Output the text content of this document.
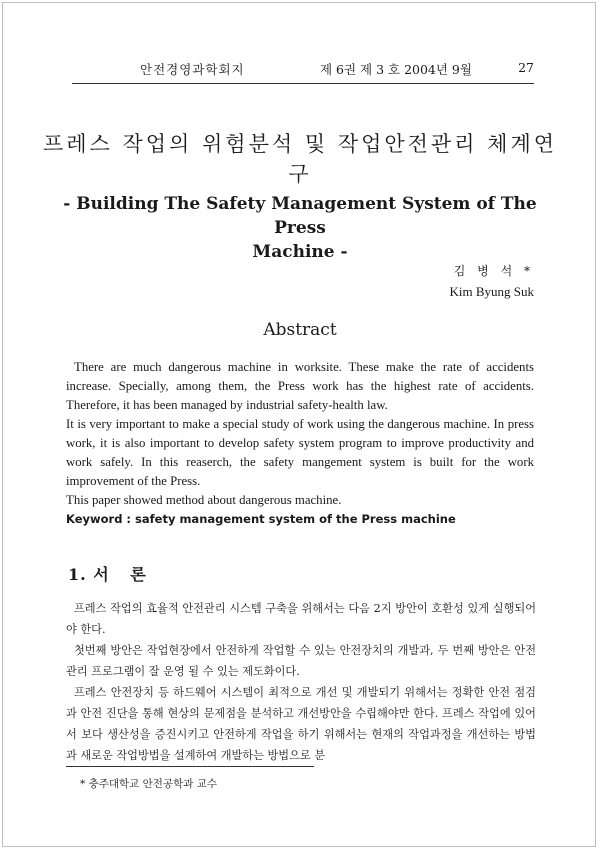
안전경영과학회지	제 6권 제 3 호 2004년 9월	27
프레스 작업의 위험분석 및 작업안전관리 체계연구
- Building The Safety Management System of The Press
Machine -
김 병 석 *
Kim Byung Suk
Abstract

There are much dangerous machine in worksite. These make the rate of accidents increase. Specially, among them, the Press work has the highest rate of accidents. Therefore, it has been managed by industrial safety-health law.

It is very important to make a special study of work using the dangerous machine. In press work, it is also important to develop safety system program to improve productivity and work safely. In this reaserch, the safety mangement system is built for the work improvement of the Press.

This paper showed method about dangerous machine.

Keyword : safety management system of the Press machine

1. 서 론

프레스 작업의 효율적 안전관리 시스템 구축을 위해서는 다음 2지 방안이 호환성 있게 실행되어야 한다.

첫번째 방안은 작업현장에서 안전하게 작업할 수 있는 안전장치의 개발과, 두 번째 방안은 안전관리 프로그램이 잘 운영 될 수 있는 제도화이다.

프레스 안전장치 등 하드웨어 시스템이 최적으로 개선 및 개발되기 위해서는 정확한 안전 점검과 안전 진단을 통해 현상의 문제점을 분석하고 개선방안을 수립해야만 한다. 프레스 작업에 있어서 보다 생산성을 증진시키고 안전하게 작업을 하기 위해서는 현재의 작업과정을 개선하는 방법과 새로운 작업방법을 설계하여 개발하는 방법으로 분

* 충주대학교 안전공학과 교수
